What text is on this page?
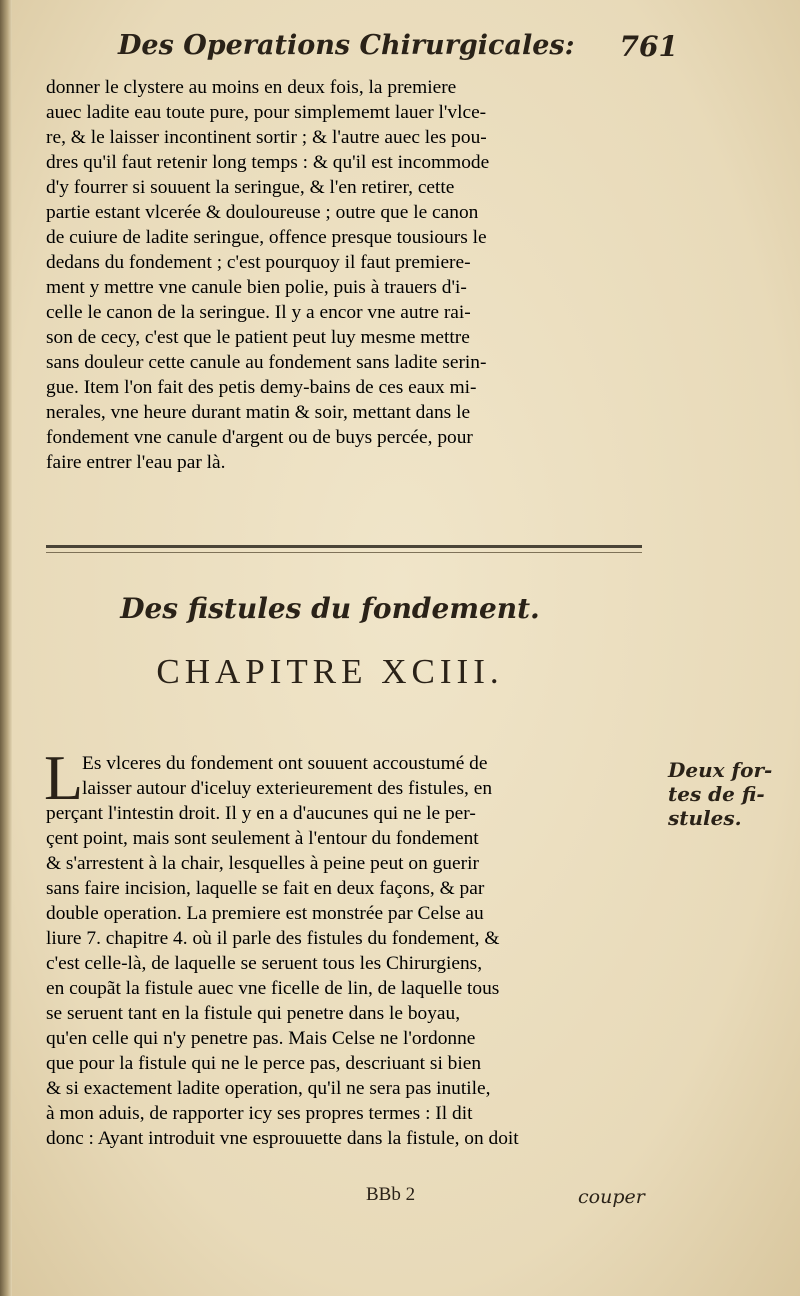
Des Operations Chirurgicales: 761
donner le clystere au moins en deux fois, la premiere
auec ladite eau toute pure, pour simplememt lauer l'vlce-
re, & le laisser incontinent sortir ; & l'autre auec les pou-
dres qu'il faut retenir long temps : & qu'il est incommode
d'y fourrer si souuent la seringue, & l'en retirer, cette
partie estant vlcerée & douloureuse ; outre que le canon
de cuiure de ladite seringue, offence presque tousiours le
dedans du fondement ; c'est pourquoy il faut premiere-
ment y mettre vne canule bien polie, puis à trauers d'i-
celle le canon de la seringue. Il y a encor vne autre rai-
son de cecy, c'est que le patient peut luy mesme mettre
sans douleur cette canule au fondement sans ladite serin-
gue. Item l'on fait des petis demy-bains de ces eaux mi-
nerales, vne heure durant matin & soir, mettant dans le
fondement vne canule d'argent ou de buys percée, pour
faire entrer l'eau par là.
Des fistules du fondement.
CHAPITRE XCIII.
L
Es vlceres du fondement ont souuent accoustumé de
laisser autour d'iceluy exterieurement des fistules, en
perçant l'intestin droit. Il y en a d'aucunes qui ne le per-
çent point, mais sont seulement à l'entour du fondement
& s'arrestent à la chair, lesquelles à peine peut on guerir
sans faire incision, laquelle se fait en deux façons, & par
double operation. La premiere est monstrée par Celse au
liure 7. chapitre 4. où il parle des fistules du fondement, &
c'est celle-là, de laquelle se seruent tous les Chirurgiens,
en coupãt la fistule auec vne ficelle de lin, de laquelle tous
se seruent tant en la fistule qui penetre dans le boyau,
qu'en celle qui n'y penetre pas. Mais Celse ne l'ordonne
que pour la fistule qui ne le perce pas, descriuant si bien
& si exactement ladite operation, qu'il ne sera pas inutile,
à mon aduis, de rapporter icy ses propres termes : Il dit
donc : Ayant introduit vne esprouuette dans la fistule, on doit
Deux for-
tes de fi-
stules.
BBb 2	couper
